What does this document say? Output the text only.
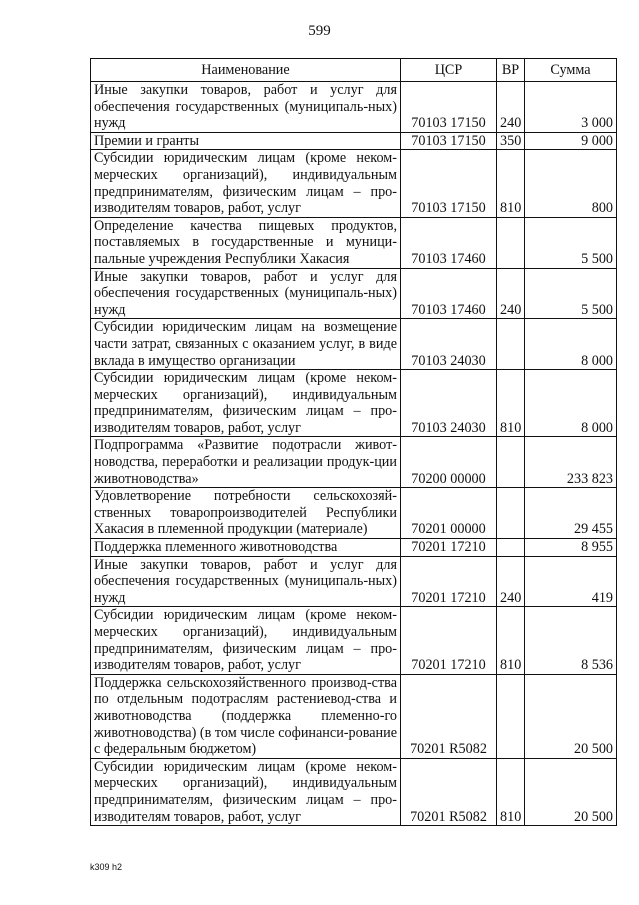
599
Наименование	ЦСР	ВР	Сумма
Иные закупки товаров, работ и услуг для обеспечения государственных (муниципаль-ных) нужд	70103 17150	240	3 000
Премии и гранты	70103 17150	350	9 000
Субсидии юридическим лицам (кроме неком-мерческих организаций), индивидуальным предпринимателям, физическим лицам – про-изводителям товаров, работ, услуг	70103 17150	810	800
Определение качества пищевых продуктов, поставляемых в государственные и муници-пальные учреждения Республики Хакасия	70103 17460		5 500
Иные закупки товаров, работ и услуг для обеспечения государственных (муниципаль-ных) нужд	70103 17460	240	5 500
Субсидии юридическим лицам на возмещение части затрат, связанных с оказанием услуг, в виде вклада в имущество организации	70103 24030		8 000
Субсидии юридическим лицам (кроме неком-мерческих организаций), индивидуальным предпринимателям, физическим лицам – про-изводителям товаров, работ, услуг	70103 24030	810	8 000
Подпрограмма «Развитие подотрасли живот-новодства, переработки и реализации продук-ции животноводства»	70200 00000		233 823
Удовлетворение потребности сельскохозяй-ственных товаропроизводителей Республики Хакасия в племенной продукции (материале)	70201 00000		29 455
Поддержка племенного животноводства	70201 17210		8 955
Иные закупки товаров, работ и услуг для обеспечения государственных (муниципаль-ных) нужд	70201 17210	240	419
Субсидии юридическим лицам (кроме неком-мерческих организаций), индивидуальным предпринимателям, физическим лицам – про-изводителям товаров, работ, услуг	70201 17210	810	8 536
Поддержка сельскохозяйственного производ-ства по отдельным подотраслям растениевод-ства и животноводства (поддержка племенно-го животноводства) (в том числе софинанси-рование с федеральным бюджетом)	70201 R5082		20 500
Субсидии юридическим лицам (кроме неком-мерческих организаций), индивидуальным предпринимателям, физическим лицам – про-изводителям товаров, работ, услуг	70201 R5082	810	20 500
k309 h2
